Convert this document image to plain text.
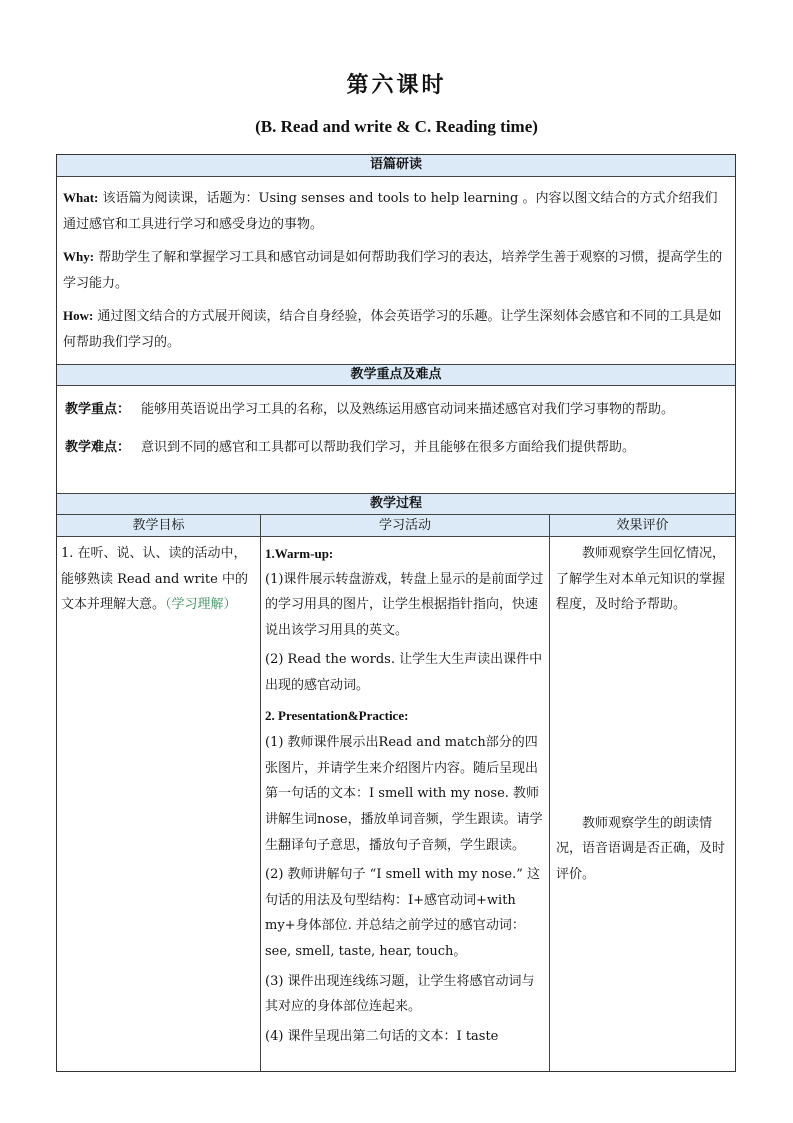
第六课时
(B. Read and write & C. Reading time)
语篇研读

What: 该语篇为阅读课，话题为：Using senses and tools to help learning 。内容以图文结合的方式介绍我们通过感官和工具进行学习和感受身边的事物。

Why: 帮助学生了解和掌握学习工具和感官动词是如何帮助我们学习的表达，培养学生善于观察的习惯，提高学生的学习能力。

How: 通过图文结合的方式展开阅读，结合自身经验，体会英语学习的乐趣。让学生深刻体会感官和不同的工具是如何帮助我们学习的。

教学重点及难点
教学重点： 能够用英语说出学习工具的名称，以及熟练运用感官动词来描述感官对我们学习事物的帮助。
教学难点： 意识到不同的感官和工具都可以帮助我们学习，并且能够在很多方面给我们提供帮助。
教学过程
教学目标	学习活动	效果评价

1. 在听、说、认、读的活动中，能够熟读 Read and write 中的文本并理解大意。（学习理解）

1.Warm-up:

(1)课件展示转盘游戏，转盘上显示的是前面学过的学习用具的图片，让学生根据指针指向，快速说出该学习用具的英文。

(2) Read the words. 让学生大生声读出课件中出现的感官动词。

2. Presentation&Practice:

(1) 教师课件展示出Read and match部分的四张图片，并请学生来介绍图片内容。随后呈现出第一句话的文本：I smell with my nose. 教师讲解生词nose，播放单词音频，学生跟读。请学生翻译句子意思，播放句子音频，学生跟读。

(2) 教师讲解句子 “I smell with my nose.” 这句话的用法及句型结构：I+感官动词+with my+身体部位. 并总结之前学过的感官动词：see, smell, taste, hear, touch。

(3) 课件出现连线练习题，让学生将感官动词与其对应的身体部位连起来。

(4) 课件呈现出第二句话的文本：I taste

教师观察学生回忆情况，了解学生对本单元知识的掌握程度，及时给予帮助。

教师观察学生的朗读情况，语音语调是否正确，及时评价。
